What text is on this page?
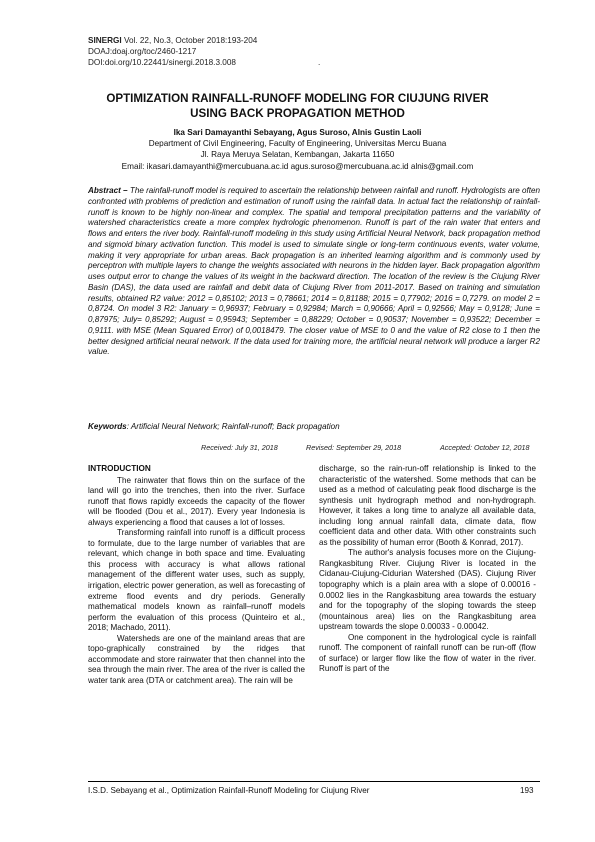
SINERGI Vol. 22, No.3, October 2018:193-204
DOAJ:doaj.org/toc/2460-1217
DOI:doi.org/10.22441/sinergi.2018.3.008	.
OPTIMIZATION RAINFALL-RUNOFF MODELING FOR CIUJUNG RIVER USING BACK PROPAGATION METHOD
Ika Sari Damayanthi Sebayang, Agus Suroso, Alnis Gustin Laoli
Department of Civil Engineering, Faculty of Engineering, Universitas Mercu Buana
Jl. Raya Meruya Selatan, Kembangan, Jakarta 11650
Email: ikasari.damayanthi@mercubuana.ac.id agus.suroso@mercubuana.ac.id alnis@gmail.com
Abstract – The rainfall-runoff model is required to ascertain the relationship between rainfall and runoff. Hydrologists are often confronted with problems of prediction and estimation of runoff using the rainfall data. In actual fact the relationship of rainfall-runoff is known to be highly non-linear and complex. The spatial and temporal precipitation patterns and the variability of watershed characteristics create a more complex hydrologic phenomenon. Runoff is part of the rain water that enters and flows and enters the river body. Rainfall-runoff modeling in this study using Artificial Neural Network, back propagation method and sigmoid binary activation function. This model is used to simulate single or long-term continuous events, water volume, making it very appropriate for urban areas. Back propagation is an inherited learning algorithm and is commonly used by perceptron with multiple layers to change the weights associated with neurons in the hidden layer. Back propagation algorithm uses output error to change the values of its weight in the backward direction. The location of the review is the Ciujung River Basin (DAS), the data used are rainfall and debit data of Ciujung River from 2011-2017. Based on training and simulation results, obtained R2 value: 2012 = 0,85102; 2013 = 0,78661; 2014 = 0,81188; 2015 = 0,77902; 2016 = 0,7279. on model 2 = 0,8724. On model 3 R2: January = 0,96937; February = 0,92984; March = 0,90666; April = 0,92566; May = 0,9128; June = 0,87975; July= 0,85292; August = 0,95943; September = 0,88229; October = 0,90537; November = 0,93522; December = 0,9111. with MSE (Mean Squared Error) of 0,0018479. The closer value of MSE to 0 and the value of R2 close to 1 then the better designed artificial neural network. If the data used for training more, the artificial neural network will produce a larger R2 value.
Keywords: Artificial Neural Network; Rainfall-runoff; Back propagation
Received: July 31, 2018	Revised: September 29, 2018	Accepted: October 12, 2018
INTRODUCTION

The rainwater that flows thin on the surface of the land will go into the trenches, then into the river. Surface runoff that flows rapidly exceeds the capacity of the flower will be flooded (Dou et al., 2017). Every year Indonesia is always experiencing a flood that causes a lot of losses.

Transforming rainfall into runoff is a difficult process to formulate, due to the large number of variables that are relevant, which change in both space and time. Evaluating this process with accuracy is what allows rational management of the different water uses, such as supply, irrigation, electric power generation, as well as forecasting of extreme flood events and dry periods. Generally mathematical models known as rainfall–runoff models perform the evaluation of this process (Quinteiro et al., 2018; Machado, 2011).

Watersheds are one of the mainland areas that are topo-graphically constrained by the ridges that accommodate and store rainwater that then channel into the sea through the main river. The area of the river is called the water tank area (DTA or catchment area). The rain will be

discharge, so the rain-run-off relationship is linked to the characteristic of the watershed. Some methods that can be used as a method of calculating peak flood discharge is the synthesis unit hydrograph method and non-hydrograph. However, it takes a long time to analyze all available data, including long annual rainfall data, climate data, flow coefficient data and other data. With other constraints such as the possibility of human error (Booth & Konrad, 2017).

The author's analysis focuses more on the Ciujung-Rangkasbitung River. Ciujung River is located in the Cidanau-Ciujung-Cidurian Watershed (DAS). Ciujung River topography which is a plain area with a slope of 0.00016 - 0.0002 lies in the Rangkasbitung area towards the estuary and for the topography of the sloping towards the steep (mountainous area) lies on the Rangkasbitung area upstream towards the slope 0.00033 - 0.00042.

One component in the hydrological cycle is rainfall runoff. The component of rainfall runoff can be run-off (flow of surface) or larger flow like the flow of water in the river. Runoff is part of the

I.S.D. Sebayang et al., Optimization Rainfall-Runoff Modeling for Ciujung River	193
